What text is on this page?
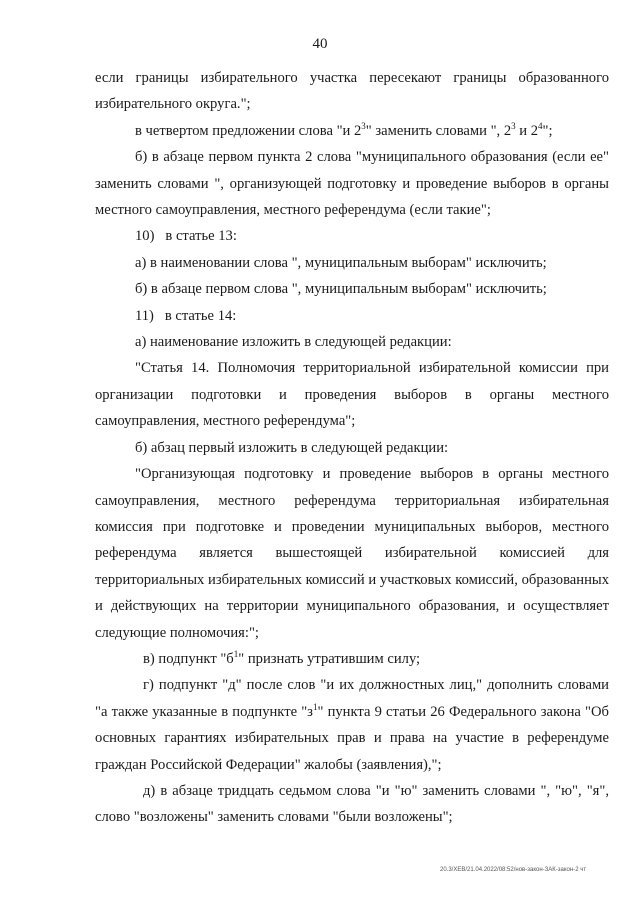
40

если границы избирательного участка пересекают границы образованного избирательного округа.";

в четвертом предложении слова "и $2^3$" заменить словами ", $2^3$ и $2^4$";

б) в абзаце первом пункта 2 слова "муниципального образования (если ее" заменить словами ", организующей подготовку и проведение выборов в органы местного самоуправления, местного референдума (если такие";

10)   в статье 13:

а) в наименовании слова ", муниципальным выборам" исключить;

б) в абзаце первом слова ", муниципальным выборам" исключить;

11)   в статье 14:

а) наименование изложить в следующей редакции:

"Статья 14. Полномочия территориальной избирательной комиссии при организации подготовки и проведения выборов в органы местного самоуправления, местного референдума";

б) абзац первый изложить в следующей редакции:

"Организующая подготовку и проведение выборов в органы местного самоуправления, местного референдума территориальная избирательная комиссия при подготовке и проведении муниципальных выборов, местного референдума является вышестоящей избирательной комиссией для территориальных избирательных комиссий и участковых комиссий, образованных и действующих на территории муниципального образования, и осуществляет следующие полномочия:";

в) подпункт "$б^1$" признать утратившим силу;

г) подпункт "д" после слов "и их должностных лиц," дополнить словами "а также указанные в подпункте "$з^1$" пункта 9 статьи 26 Федерального закона "Об основных гарантиях избирательных прав и права на участие в референдуме граждан Российской Федерации" жалобы (заявления),";

д) в абзаце тридцать седьмом слова "и "ю" заменить словами ", "ю", "я", слово "возложены" заменить словами "были возложены";

20.3/ХЕВ/21.04.2022/08:52/нов-закон-ЗАК-закон-2 чт
